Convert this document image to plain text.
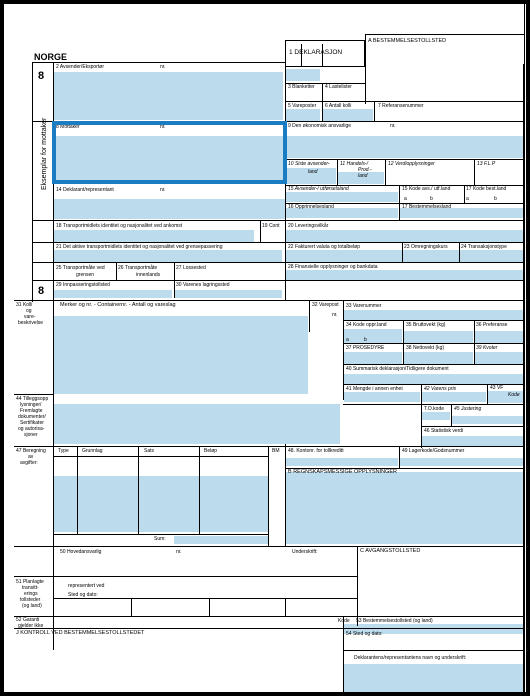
NORGE
8
8
Eksemplar for mottaker
A BESTEMMELSESTOLLSTED
1 DEKLARASJON
2 Avsender/Eksportør	nr.
3 Blanketter 4 Lastelister
5 Vareposter 6 Antall kolli	7 Referansenummer
8 Mottaker	nr.	9 Den økonomisk ansvarlige	nr.
10 Siste avsender-
land
11 Handels-/
Prod.-
land
12 Verdiopplysninger	13 F.L.P
14 Deklarant/representant	nr.	15 Avsender-/ utførselsland	15 Kode avs./ utf.land	17 Kode best.land
a	b	a	b
16 Opprinnelsesland	17 Bestemmelsesland
18 Transportmidlets identitet og nasjonalitet ved ankomst	19 Cont 20 Leveringsvilkår
21 Det aktive transportmidlets identitet og nasjonalitet ved grensepassering	22 Fakturert valuta og totalbeløp	23 Omregningskurs	24 Transaksjonstype
25 Transportmåte ved
grensen
26 Transportmåte
innenlands
27 Lossested	28 Finansielle opplysninger og bankdata
29 Innpasseringstollsted	30 Varenes lagringssted
31 Kolli
og
vare-
beskrivelse
Merker og nr. - Containernr. - Antall og vareslag	32 Varepost
nr.
33 Varenummer
34 Kode oppr.land	35 Bruttovekt (kg)	36 Preferanse
a	b
37 PROSEDYRE	38 Nettovekt (kg)	39 Kvoter
40 Summarisk deklarasjon/Tidligere dokument
41 Mengde i annen enhet	42 Varens pris	43 VF
Kode
44 Tilleggsopp
lysninger/
Fremlagte
dokumenter/
Sertifikater
og autorisa-
sjoner
T.O.kode 45 Justering
46 Statistisk verdi
47 Beregning
av
avgifter:
Type	Grunnlag	Sats	Beløp	BM
Sum:
48. Kontonr. for tollkreditt	49 Lagerkode/Godsnummer
B REGNSKAPSMESSIGE OPPLYSNINGER
50 Hovedansvarlig	nr.	Underskrift:	C AVGANGSTOLLSTED
representert ved
Sted og dato:
51 Planlagte
transitt-
erings
tollsteder
(og land)
52 Garanti
gjelder ikke
Kode 53 Bestemmelsestollsted (og land)
J KONTROLL VED BESTEMMELSESTOLLSTEDET	54 Sted og dato:
Deklarantens/representantens navn og underskrift:
